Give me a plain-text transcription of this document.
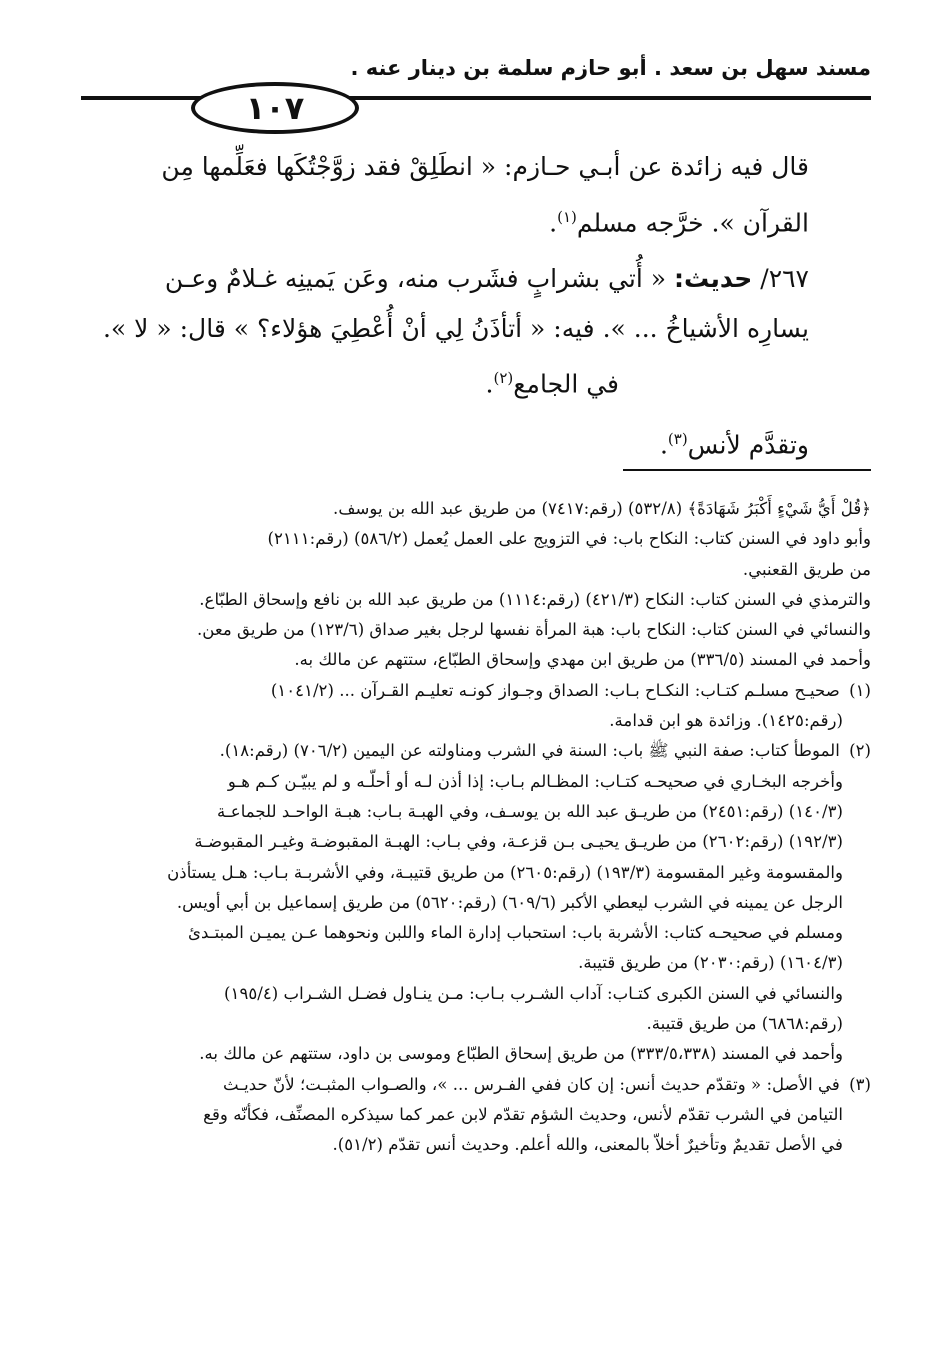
مسند سهل بن سعد . أبو حازم سلمة بن دينار عنه .
١٠٧

قال فيه زائدة عن أبـي حـازم: « انطَلِقْ فقد زوَّجْتُكَها فعَلِّمها مِن
القرآن ». خرَّجه مسلم$^{(١)}$.

٢٦٧/ حديث: « أُتي بشرابٍ فشَرب منه، وعَن يَمينِه غـلامٌ وعـن
يسارِه الأشياخُ ... ». فيه: « أتأذَنُ لِي أنْ أُعْطِيَ هؤلاء؟ » قال: « لا ».

في الجامع$^{(٢)}$.

وتقدَّم لأنس$^{(٣)}$.

﴿قُلْ أَيُّ شَيْءٍ أَكْبَرُ شَهَادَةً﴾ (٥٣٢/٨) (رقم:٧٤١٧) من طريق عبد الله بن يوسف.

وأبو داود في السنن كتاب: النكاح باب: في التزويج على العمل يُعمل (٥٨٦/٢) (رقم:٢١١١)

من طريق القعنبي.

والترمذي في السنن كتاب: النكاح (٤٢١/٣) (رقم:١١١٤) من طريق عبد الله بن نافع وإسحاق الطبّاع.

والنسائي في السنن كتاب: النكاح باب: هبة المرأة نفسها لرجل بغير صداق (١٢٣/٦) من طريق معن.

وأحمد في المسند (٣٣٦/٥) من طريق ابن مهدي وإسحاق الطبّاع، ستتهم عن مالك به.

(١) صحيـح مسلـم كتـاب: النكـاح بـاب: الصداق وجـواز كونـه تعليـم القـرآن ... (١٠٤١/٢)

(رقم:١٤٢٥). وزائدة هو ابن قدامة.

(٢) الموطأ كتاب: صفة النبي ﷺ باب: السنة في الشرب ومناولته عن اليمين (٧٠٦/٢) (رقم:١٨).

وأخرجه البخـاري في صحيحـه كتـاب: المظـالم بـاب: إذا أذن لـه أو أحلّـه و لم يبيّـن كـم هـو

(١٤٠/٣) (رقم:٢٤٥١) من طريـق عبد الله بن يوسـف، وفي الهبـة بـاب: هبـة الواحـد للجماعـة

(١٩٢/٣) (رقم:٢٦٠٢) من طريـق يحيـى بـن قزعـة، وفي بـاب: الهبـة المقبوضـة وغيـر المقبوضـة

والمقسومة وغير المقسومة (١٩٣/٣) (رقم:٢٦٠٥) من طريق قتيبـة، وفي الأشربـة بـاب: هـل يستأذن

الرجل عن يمينه في الشرب ليعطي الأكبر (٦٠٩/٦) (رقم:٥٦٢٠) من طريق إسماعيل بن أبي أويس.

ومسلم في صحيحـه كتاب: الأشربة باب: استحباب إدارة الماء واللبن ونحوهما عـن يميـن المبتـدئ

(١٦٠٤/٣) (رقم:٢٠٣٠) من طريق قتيبة.

والنسائي في السنن الكبرى كتـاب: آداب الشـرب بـاب: مـن ينـاول فضـل الشـراب (١٩٥/٤)

(رقم:٦٨٦٨) من طريق قتيبة.

وأحمد في المسند (٣٣٣/٥،٣٣٨) من طريق إسحاق الطبّاع وموسى بن داود، ستتهم عن مالك به.

(٣) في الأصل: « وتقدّم حديث أنس: إن كان ففي الفـرس ... »، والصـواب المثبـت؛ لأنّ حديـث

التيامن في الشرب تقدّم لأنس، وحديث الشؤم تقدّم لابن عمر كما سيذكره المصنِّف، فكأنّه وقع

في الأصل تقديمٌ وتأخيرٌ أخلاّ بالمعنى، والله أعلم. وحديث أنس تقدّم (٥١/٢).
